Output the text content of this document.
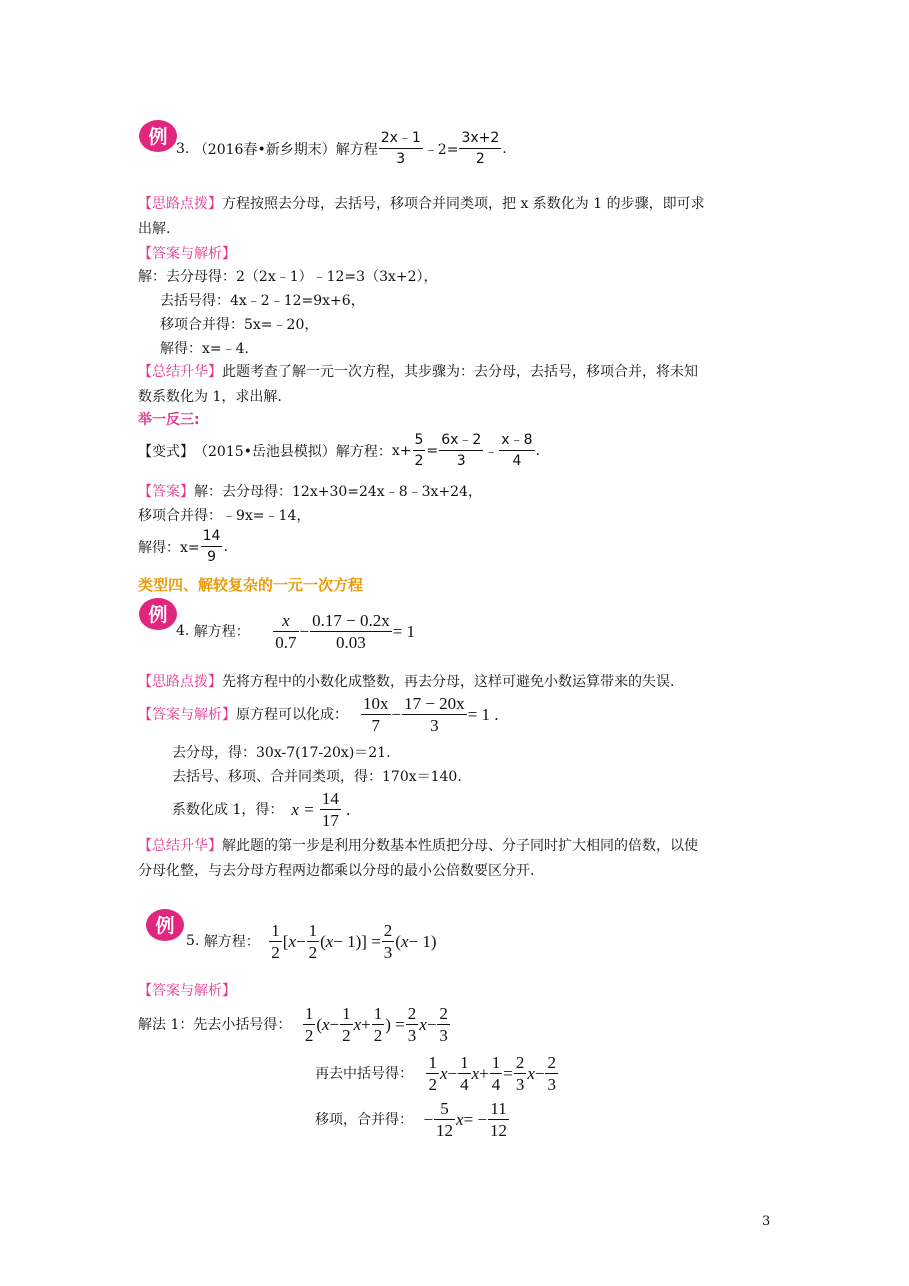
例
3. （2016春•新乡期末）解方程 $\frac{2x﹣1}{3}$ ﹣2= $\frac{3x+2}{2}$ .
【思路点拨】方程按照去分母，去括号，移项合并同类项，把 x 系数化为 1 的步骤，即可求
出解.
【答案与解析】
解：去分母得：2（2x﹣1）﹣12=3（3x+2），
去括号得：4x﹣2﹣12=9x+6，
移项合并得：5x=﹣20，
解得：x=﹣4.
【总结升华】此题考查了解一元一次方程，其步骤为：去分母，去括号，移项合并，将未知
数系数化为 1，求出解.
举一反三:
【变式】（2015•岳池县模拟）解方程：$x+ \frac{5}{2} = \frac{6x﹣2}{3}$ ﹣ $\frac{x﹣8}{4}$ .
【答案】解：去分母得：12x+30=24x﹣8﹣3x+24，
移项合并得：﹣9x=﹣14，
解得：$x= \frac{14}{9}$ .
类型四、解较复杂的一元一次方程
例
4. 解方程： $\frac{x}{0.7} - \frac{0.17 - 0.2x}{0.03} = 1$
【思路点拨】先将方程中的小数化成整数，再去分母，这样可避免小数运算带来的失误.
【答案与解析】原方程可以化成： $\frac{10x}{7} - \frac{17 - 20x}{3} = 1$ .
去分母，得：30x-7(17-20x)＝21.
去括号、移项、合并同类项，得：170x＝140.
系数化成 1，得： $x = \frac{14}{17}$ .
【总结升华】解此题的第一步是利用分数基本性质把分母、分子同时扩大相同的倍数，以使
分母化整，与去分母方程两边都乘以分母的最小公倍数要区分开.
例
5. 解方程： $\frac{1}{2} [x- \frac{1}{2} (x- 1)] = \frac{2}{3} (x- 1)$
【答案与解析】
解法 1：先去小括号得： $\frac{1}{2} (x- \frac{1}{2} x+ \frac{1}{2}$ ) = $\frac{2}{3} x- \frac{2}{3}$
再去中括号得： $\frac{1}{2} x- \frac{1}{4} x+ \frac{1}{4} = \frac{2}{3} x- \frac{2}{3}$
移项，合并得： − $\frac{5}{12} x= - \frac{11}{12}$
3
